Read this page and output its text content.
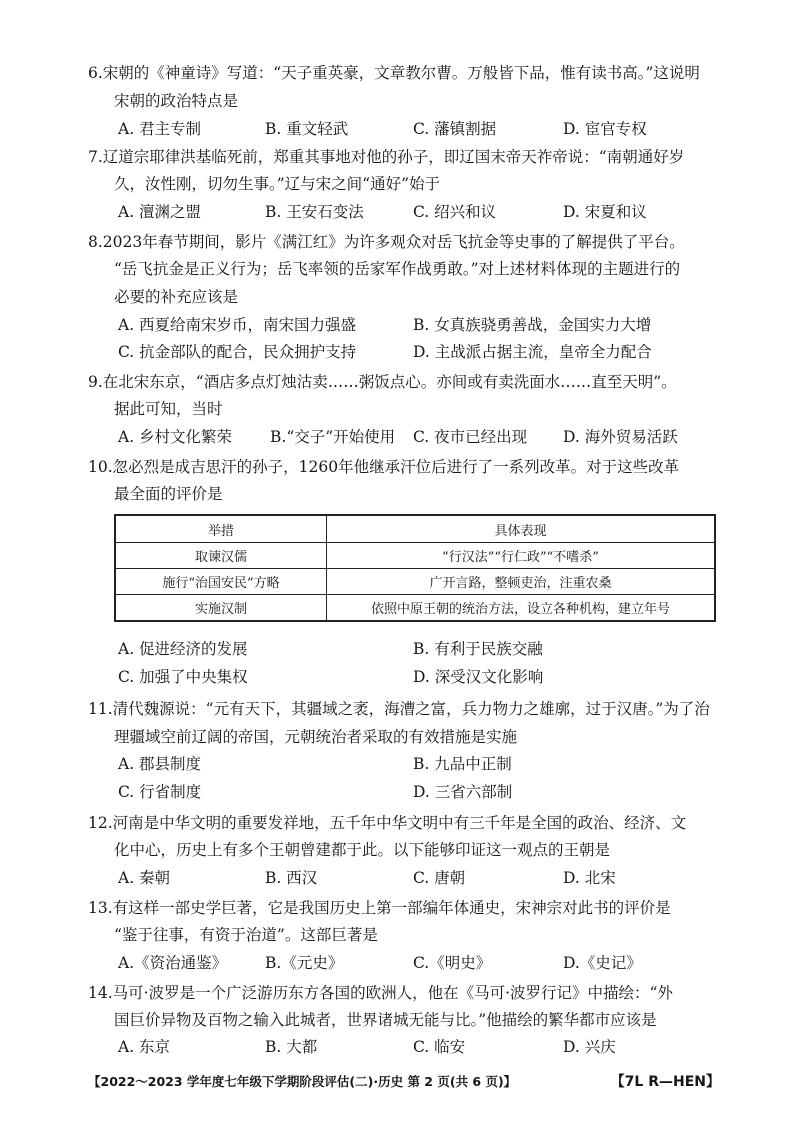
6.宋朝的《神童诗》写道：“天子重英豪，文章教尔曹。万般皆下品，惟有读书高。”这说明
宋朝的政治特点是
A. 君主专制	B. 重文轻武	C. 藩镇割据	D. 宦官专权
7.辽道宗耶律洪基临死前，郑重其事地对他的孙子，即辽国末帝天祚帝说：“南朝通好岁
久，汝性刚，切勿生事。”辽与宋之间“通好”始于
A. 澶渊之盟	B. 王安石变法	C. 绍兴和议	D. 宋夏和议
8.2023年春节期间，影片《满江红》为许多观众对岳飞抗金等史事的了解提供了平台。
“岳飞抗金是正义行为；岳飞率领的岳家军作战勇敢。”对上述材料体现的主题进行的
必要的补充应该是
A. 西夏给南宋岁币，南宋国力强盛	B. 女真族骁勇善战，金国实力大增
C. 抗金部队的配合，民众拥护支持	D. 主战派占据主流，皇帝全力配合
9.在北宋东京，“酒店多点灯烛沽卖……粥饭点心。亦间或有卖洗面水……直至天明”。
据此可知，当时
A. 乡村文化繁荣 B.“交子”开始使用 C. 夜市已经出现 D. 海外贸易活跃
10.忽必烈是成吉思汗的孙子，1260年他继承汗位后进行了一系列改革。对于这些改革
最全面的评价是
举措	具体表现
取谏汉儒	“行汉法”“行仁政”“不嗜杀”
施行“治国安民”方略	广开言路，整顿吏治，注重农桑
实施汉制	依照中原王朝的统治方法，设立各种机构，建立年号
A. 促进经济的发展	B. 有利于民族交融
C. 加强了中央集权	D. 深受汉文化影响
11.清代魏源说：“元有天下，其疆域之袤，海漕之富，兵力物力之雄廓，过于汉唐。”为了治
理疆域空前辽阔的帝国，元朝统治者采取的有效措施是实施
A. 郡县制度	B. 九品中正制
C. 行省制度	D. 三省六部制
12.河南是中华文明的重要发祥地，五千年中华文明中有三千年是全国的政治、经济、文
化中心，历史上有多个王朝曾建都于此。以下能够印证这一观点的王朝是
A. 秦朝	B. 西汉	C. 唐朝	D. 北宋
13.有这样一部史学巨著，它是我国历史上第一部编年体通史，宋神宗对此书的评价是
“鉴于往事，有资于治道”。这部巨著是
A.《资治通鉴》 B.《元史》	C.《明史》	D.《史记》
14.马可·波罗是一个广泛游历东方各国的欧洲人，他在《马可·波罗行记》中描绘：“外
国巨价异物及百物之输入此城者，世界诸城无能与比。”他描绘的繁华都市应该是
A. 东京	B. 大都	C. 临安	D. 兴庆
【2022～2023 学年度七年级下学期阶段评估(二)·历史 第 2 页(共 6 页)】	【7L R—HEN】
